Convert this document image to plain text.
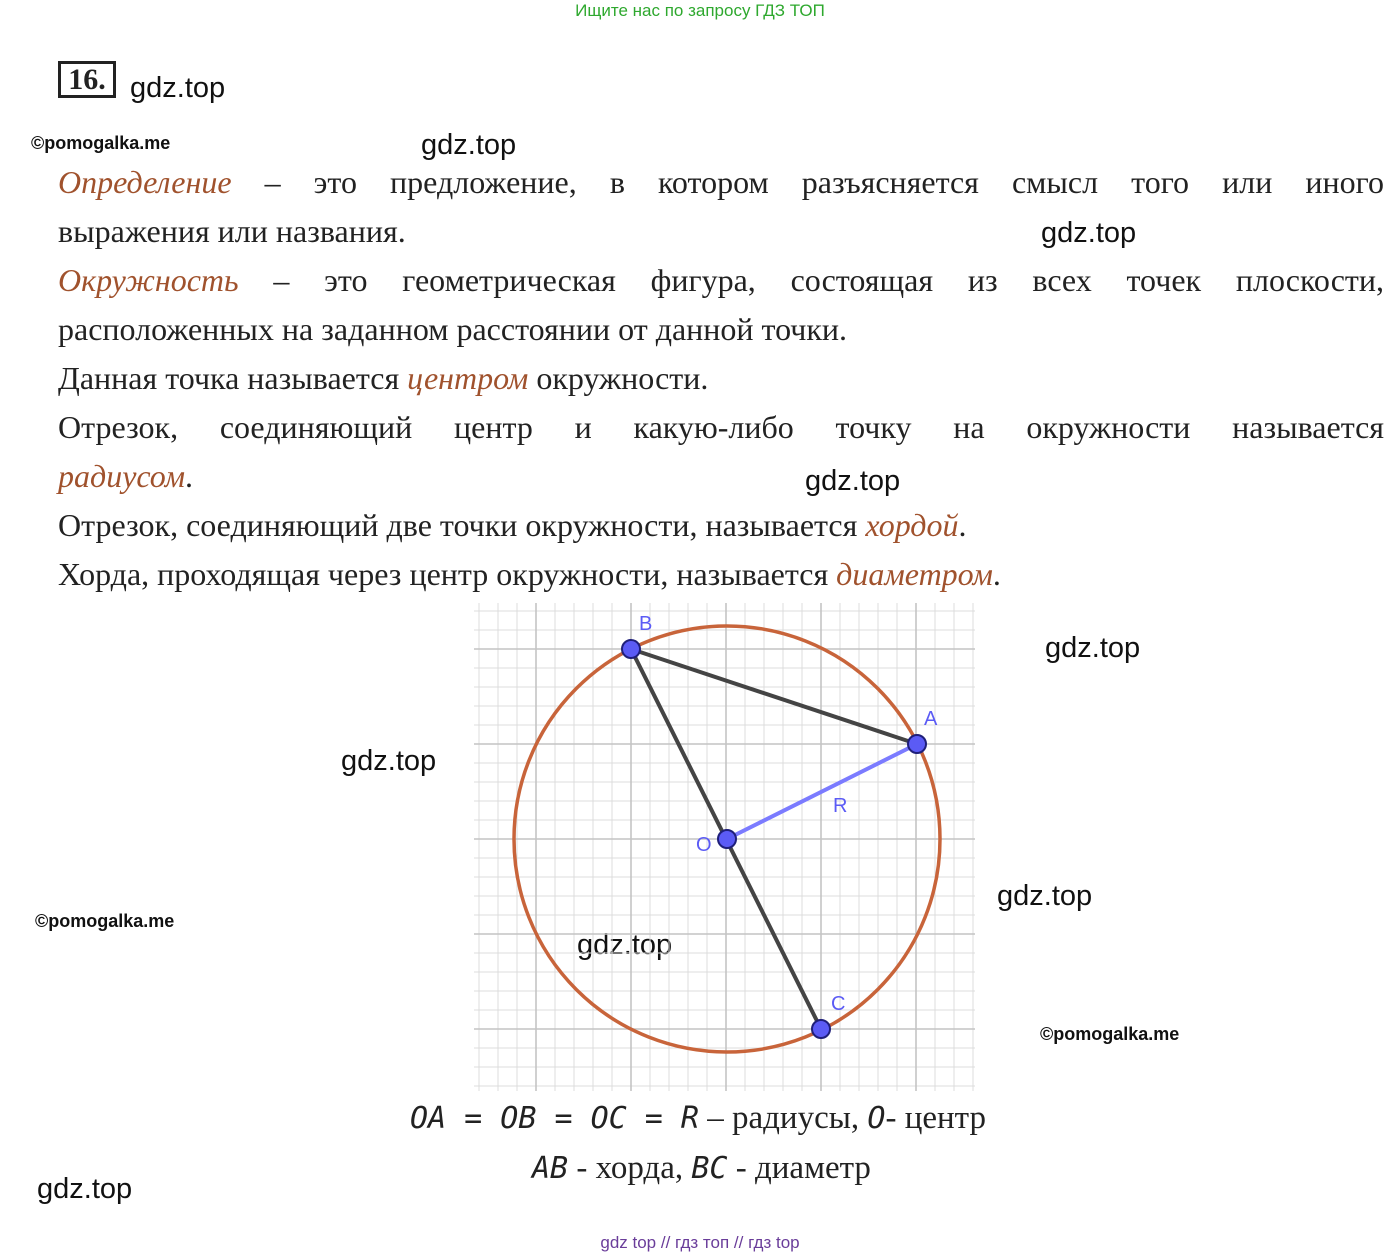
Ищите нас по запросу ГДЗ ТОП
16. gdz.top
gdz.top
gdz.top
gdz.top
gdz.top
gdz.top
gdz.top
gdz.top
gdz.top
©pomogalka.me
©pomogalka.me
©pomogalka.me
Определение – это предложение, в котором разъясняется смысл того или иного
выражения или названия.
Окружность – это геометрическая фигура, состоящая из всех точек плоскости,
расположенных на заданном расстоянии от данной точки.
Данная точка называется центром окружности.
Отрезок, соединяющий центр и какую-либо точку на окружности называется
радиусом.
Отрезок, соединяющий две точки окружности, называется хордой.
Хорда, проходящая через центр окружности, называется диаметром.
B
A
O
C
R
OA = OB = OC = R – радиусы, O- центр
AB - хорда, BC - диаметр
gdz top // гдз топ // гдз top
